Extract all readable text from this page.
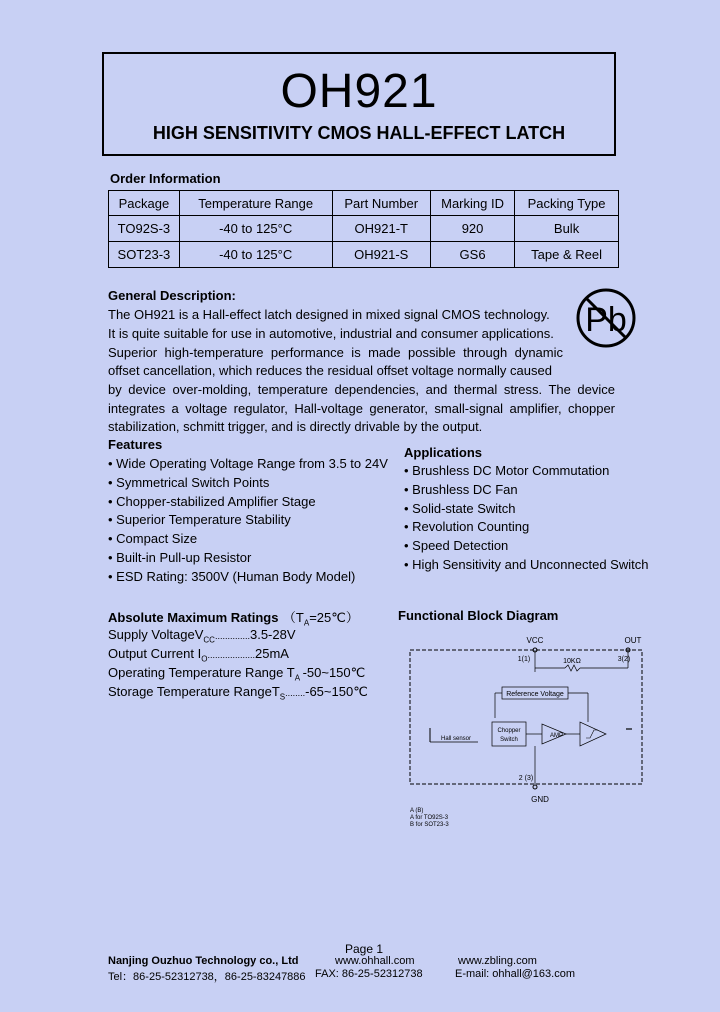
OH921
HIGH SENSITIVITY CMOS HALL-EFFECT LATCH
Order Information
Package	Temperature Range	Part Number	Marking ID	Packing Type
TO92S-3	-40 to 125°C	OH921-T	920	Bulk
SOT23-3	-40 to 125°C	OH921-S	GS6	Tape & Reel
General Description:
The OH921 is a Hall-effect latch designed in mixed signal CMOS technology.
It is quite suitable for use in automotive, industrial and consumer applications.
Superior high-temperature performance is made possible through dynamic
offset cancellation, which reduces the residual offset voltage normally caused
by device over-molding, temperature dependencies, and thermal stress. The device
integrates a voltage regulator, Hall-voltage generator, small-signal amplifier, chopper
stabilization, schmitt trigger, and is directly drivable by the output.
Pb
Features
• Wide Operating Voltage Range from 3.5 to 24V
• Symmetrical Switch Points
• Chopper-stabilized Amplifier Stage
• Superior Temperature Stability
• Compact Size
• Built-in Pull-up Resistor
• ESD Rating: 3500V (Human Body Model)
Applications
• Brushless DC Motor Commutation
• Brushless DC Fan
• Solid-state Switch
• Revolution Counting
• Speed Detection
• High Sensitivity and Unconnected Switch
Absolute Maximum Ratings $(T_A=25℃)$
Supply VoltageV$_{CC}$..............3.5-28V
Output Current $I_O...................25mA$
Operating Temperature Range $T_A$ -50~150℃
Storage Temperature RangeT$_S$........-65~150℃
Functional Block Diagram
VCC
1(1)
OUT
3(2)
10KΩ
Reference Voltage
Hall sensor
Chopper
Switch
AMP
2 (3)
GND
A (B)
A for TO92S-3
B for SOT23-3
Page 1
Nanjing Ouzhuo Technology co., Ltd	www.ohhall.com	www.zbling.com
Tel：86-25-52312738，86-25-83247886 FAX: 86-25-52312738	E-mail: ohhall@163.com
